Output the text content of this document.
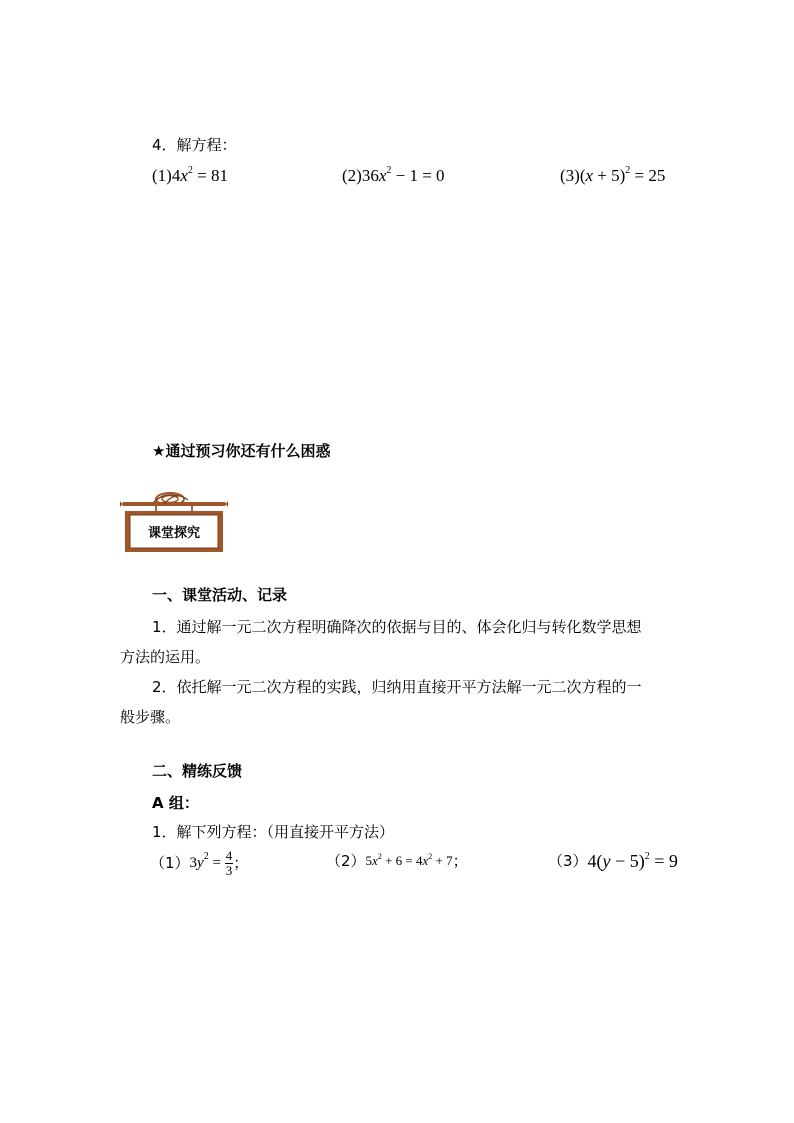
4．解方程：
$(1)4x^2 = 81$	$(2)36x^2 - 1 = 0$	$(3)(x + 5)^2 = 25$
★通过预习你还有什么困惑
课堂探究
一、课堂活动、记录
1．通过解一元二次方程明确降次的依据与目的、体会化归与转化数学思想
方法的运用。
2．依托解一元二次方程的实践，归纳用直接开平方法解一元二次方程的一
般步骤。
二、精练反馈
A 组：
1．解下列方程：（用直接开平方法）
（1） $3y^2 = \frac{4}{3}$ ；	（2） $5x^2 + 6 = 4x^2 + 7$ ；	（3） $4(y - 5)^2 = 9$
